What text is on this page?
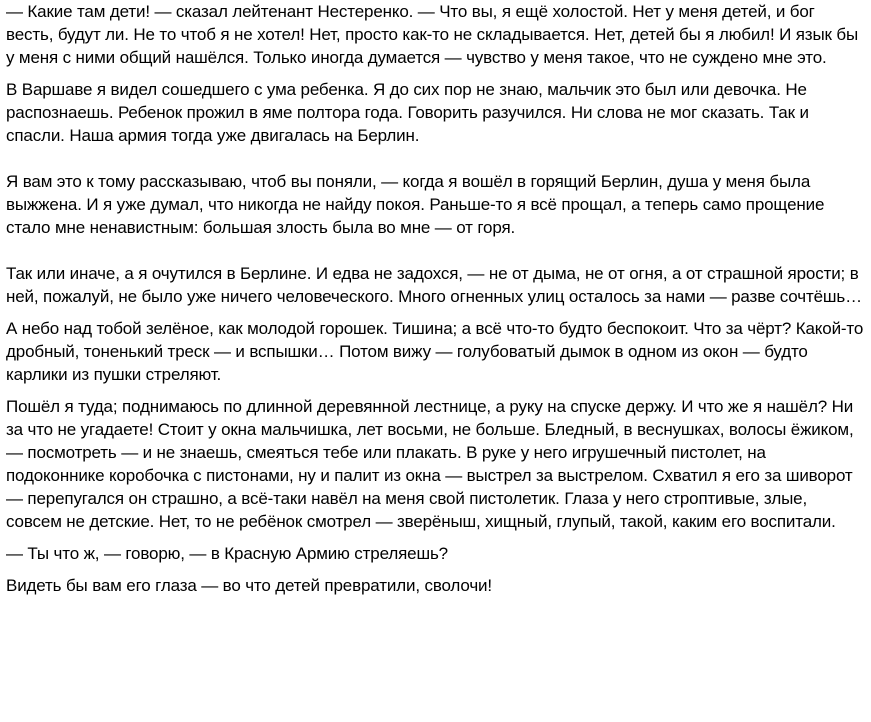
— Какие там дети! — сказал лейтенант Нестеренко. — Что вы, я ещё холостой. Нет у меня детей, и бог весть, будут ли. Не то чтоб я не хотел! Нет, просто как-то не складывается. Нет, детей бы я любил! И язык бы у меня с ними общий нашёлся. Только иногда думается — чувство у меня такое, что не суждено мне это.

В Варшаве я видел сошедшего с ума ребенка. Я до сих пор не знаю, мальчик это был или девочка. Не распознаешь. Ребенок прожил в яме полтора года. Говорить разучился. Ни слова не мог сказать. Так и спасли. Наша армия тогда уже двигалась на Берлин.

Я вам это к тому рассказываю, чтоб вы поняли, — когда я вошёл в горящий Берлин, душа у меня была выжжена. И я уже думал, что никогда не найду покоя. Раньше-то я всё прощал, а теперь само прощение стало мне ненавистным: большая злость была во мне — от горя.

Так или иначе, а я очутился в Берлине. И едва не задохся, — не от дыма, не от огня, а от страшной ярости; в ней, пожалуй, не было уже ничего человеческого. Много огненных улиц осталось за нами — разве сочтёшь…

А небо над тобой зелёное, как молодой горошек. Тишина; а всё что-то будто беспокоит. Что за чёрт? Какой-то дробный, тоненький треск — и вспышки… Потом вижу — голубоватый дымок в одном из окон — будто карлики из пушки стреляют.

Пошёл я туда; поднимаюсь по длинной деревянной лестнице, а руку на спуске держу. И что же я нашёл? Ни за что не угадаете! Стоит у окна мальчишка, лет восьми, не больше. Бледный, в веснушках, волосы ёжиком, — посмотреть — и не знаешь, смеяться тебе или плакать. В руке у него игрушечный пистолет, на подоконнике коробочка с пистонами, ну и палит из окна — выстрел за выстрелом. Схватил я его за шиворот — перепугался он страшно, а всё-таки навёл на меня свой пистолетик. Глаза у него строптивые, злые, совсем не детские. Нет, то не ребёнок смотрел — зверёныш, хищный, глупый, такой, каким его воспитали.

— Ты что ж, — говорю, — в Красную Армию стреляешь?

Видеть бы вам его глаза — во что детей превратили, сволочи!
